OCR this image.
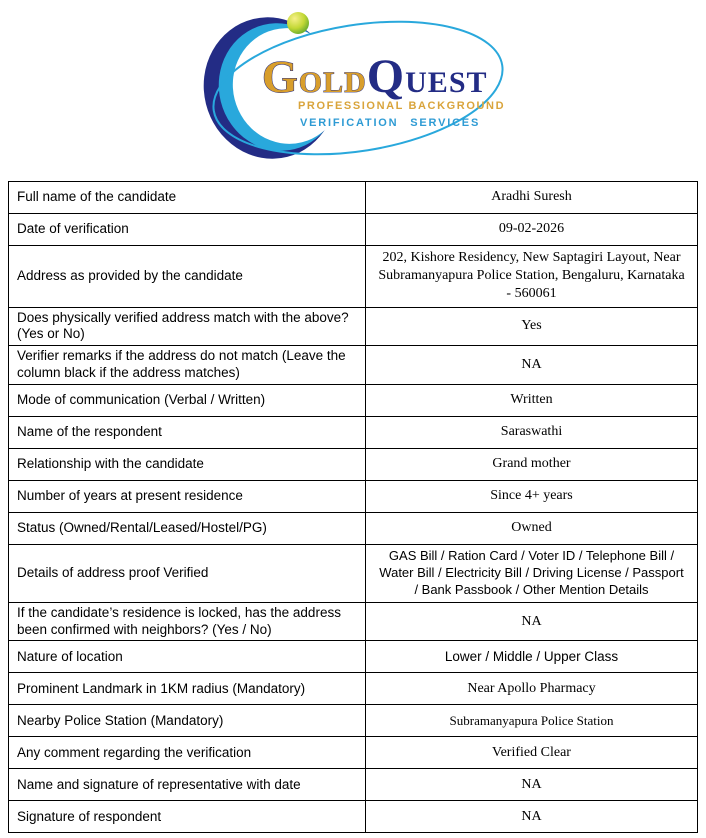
GOLDQUEST
PROFESSIONAL BACKGROUND
VERIFICATION SERVICES
Full name of the candidate	Aradhi Suresh
Date of verification	09-02-2026
Address as provided by the candidate	202, Kishore Residency, New Saptagiri Layout, Near Subramanyapura Police Station, Bengaluru, Karnataka - 560061
Does physically verified address match with the above? (Yes or No)	Yes
Verifier remarks if the address do not match (Leave the column black if the address matches)	NA
Mode of communication (Verbal / Written)	Written
Name of the respondent	Saraswathi
Relationship with the candidate	Grand mother
Number of years at present residence	Since 4+ years
Status (Owned/Rental/Leased/Hostel/PG)	Owned
Details of address proof Verified	GAS Bill / Ration Card / Voter ID / Telephone Bill / Water Bill / Electricity Bill / Driving License / Passport / Bank Passbook / Other Mention Details
If the candidate’s residence is locked, has the address been confirmed with neighbors? (Yes / No)	NA
Nature of location	Lower / Middle / Upper Class
Prominent Landmark in 1KM radius (Mandatory)	Near Apollo Pharmacy
Nearby Police Station (Mandatory)	Subramanyapura Police Station
Any comment regarding the verification	Verified Clear
Name and signature of representative with date	NA
Signature of respondent	NA
